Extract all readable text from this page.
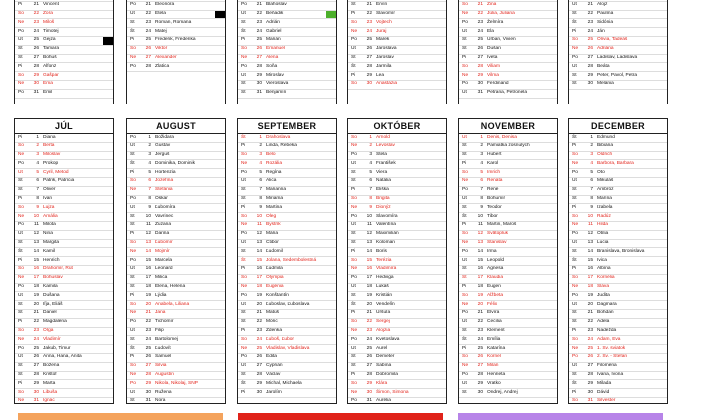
Pi	21 Vincent
So	22 Zora
Ne	23 Miloš
Po	24 Timotej
Ut	25 Gejza
St	26 Tamara
Št	27 Bohuš
Pi	28 Alfonz
So	29 Gašpar
Ne	30 Ema
Po	31 Emil
Po	21 Eleonóra
Ut	22 Etela
St	23 Roman, Romana
Št	24 Matej
Pi	25 Frederik, Frederika
So	26 Viktor
Ne	27 Alexander
Po	28 Zlatica
Po	21 Blahoslav
Ut	22 Beňadik
St	23 Adrián
Št	24 Gabriel
Pi	25 Marián
So	26 Emanuel
Ne	27 Alena
Po	28 Soňa
Ut	29 Miroslav
St	30 Vieroslava
Št	31 Benjamín
Št	21 Ervín
Pi	22 Slavomír
So	23 Vojtech
Ne	24 Juraj
Po	25 Marek
Ut	26 Jaroslava
St	27 Jaroslav
Št	28 Jarmila
Pi	29 Lea
So	30 Anastázia
So	21 Zina
Ne	22 Júlia, Juliana
Po	23 Želmíra
Ut	24 Ela
St	25 Urban, Vivien
Št	26 Dušan
Pi	27 Iveta
So	28 Viliam
Ne	29 Vilma
Po	30 Ferdinand
Ut	31 Petrana, Petronela
Ut	21 Alojz
St	22 Paulína
Št	23 Sidónia
Pi	24 Ján
So	25 Olívia, Tadeáš
Ne	26 Adriána
Po	27 Ladislav, Ladislava
Ut	28 Beáta
St	29 Peter, Pavol, Petra
Št	30 Melánia
JÚL
Pi	1 Diana
So	2 Berta
Ne	3 Miloslav
Po	4 Prokop
Ut	5 Cyril, Metod
St	6 Patrik, Patrícia
Št	7 Oliver
Pi	8 Ivan
So	9 Lujza
Ne	10 Amália
Po	11 Milota
Ut	12 Nina
St	13 Margita
Št	14 Kamil
Pi	15 Henrich
So	16 Drahomír, Rút
Ne	17 Bohuslav
Po	18 Kamila
Ut	19 Dušana
St	20 Iľja, Eliáš
Št	21 Daniel
Pi	22 Magdaléna
So	23 Oľga
Ne	24 Vladimír
Po	25 Jakub, Timur
Ut	26 Anna, Hana, Anita
St	27 Božena
Št	28 Krištof
Pi	29 Marta
So	30 Libuša
Ne	31 Ignác
AUGUST
Po	1 Božidara
Ut	2 Gustáv
St	3 Jerguš
Št	4 Dominika, Dominik
Pi	5 Hortenzia
So	6 Jozefína
Ne	7 Štefánia
Po	8 Oskar
Ut	9 Ľubomíra
St	10 Vavrinec
Št	11 Zuzana
Pi	12 Darina
So	13 Ľubomír
Ne	14 Mojmír
Po	15 Marcela
Ut	16 Leonard
St	17 Milica
Št	18 Elena, Helena
Pi	19 Lýdia
So	20 Anabela, Liliana
Ne	21 Jana
Po	22 Tichomír
Ut	23 Filip
St	24 Bartolomej
Št	25 Ľudovít
Pi	26 Samuel
So	27 Silvia
Ne	28 Augustín
Po	29 Nikola, Nikolaj, SNP
Ut	30 Ružena
St	31 Nora
SEPTEMBER
Št	1 Drahoslava
Pi	2 Linda, Rebeka
So	3 Belo
Ne	4 Rozália
Po	5 Regína
Ut	6 Alica
St	7 Marianna
Št	8 Miriama
Pi	9 Martina
So	10 Oleg
Ne	11 Bystrík
Po	12 Mária
Ut	13 Ctibor
St	14 Ľudomil
Št	15 Jolana, Sedembolestná
Pi	16 Ľudmila
So	17 Olympia
Ne	18 Eugénia
Po	19 Konštantín
Ut	20 Ľuboslav, Ľuboslava
St	21 Matúš
Št	22 Móric
Pi	23 Zdenka
So	24 Ľuboš, Ľubor
Ne	25 Vladislav, Vladislava
Po	26 Edita
Ut	27 Cyprián
St	28 Václav
Št	29 Michal, Michaela
Pi	30 Jarolím
OKTÓBER
So	1 Arnold
Ne	2 Levoslav
Po	3 Stela
Ut	4 František
St	5 Viera
Št	6 Natália
Pi	7 Eliška
So	8 Brigita
Ne	9 Dionýz
Po	10 Slavomíra
Ut	11 Valentína
St	12 Maximilián
Št	13 Koloman
Pi	14 Boris
So	15 Terézia
Ne	16 Vladimíra
Po	17 Hedviga
Ut	18 Lukáš
St	19 Kristián
Št	20 Vendelín
Pi	21 Uršuľa
So	22 Sergej
Ne	23 Alojzia
Po	24 Kvetoslava
Ut	25 Aurel
St	26 Demeter
Št	27 Sabína
Pi	28 Dobromila
So	29 Klára
Ne	30 Šimon, Simona
Po	31 Aurélia
NOVEMBER
Ut	1 Denis, Denisa
St	2 Pamiatka zosnulých
Št	3 Hubert
Pi	4 Karol
So	5 Imrich
Ne	6 Renáta
Po	7 René
Ut	8 Bohumír
St	9 Teodor
Št	10 Tibor
Pi	11 Martin, Maroš
So	12 Svätopluk
Ne	13 Stanislav
Po	14 Irma
Ut	15 Leopold
St	16 Agnesa
Št	17 Klaudia
Pi	18 Eugen
So	19 Alžbeta
Ne	20 Félix
Po	21 Elvíra
Ut	22 Cecília
St	23 Klement
Št	24 Emília
Pi	25 Katarína
So	26 Kornel
Ne	27 Milan
Po	28 Henrieta
Ut	29 Vratko
St	30 Ondrej, Andrej
DECEMBER
Št	1 Edmund
Pi	2 Bibiána
So	3 Oldrich
Ne	4 Barbora, Barbara
Po	5 Oto
Ut	6 Mikuláš
St	7 Ambróz
Št	8 Marína
Pi	9 Izabela
So	10 Radúz
Ne	11 Hilda
Po	12 Otília
Ut	13 Lucia
St	14 Branislava, Bronislava
Št	15 Ivica
Pi	16 Albína
So	17 Kornélia
Ne	18 Sláva
Po	19 Judita
Ut	20 Dagmara
St	21 Bohdan
Št	22 Adela
Pi	23 Nadežda
So	24 Adam, Eva
Ne	25 1. Sv. sviatok
Po	26 2. Sv. - Štefan
Ut	27 Filoména
St	28 Ivana, Ivona
Št	29 Milada
Pi	30 Dávid
So	31 Silvester
